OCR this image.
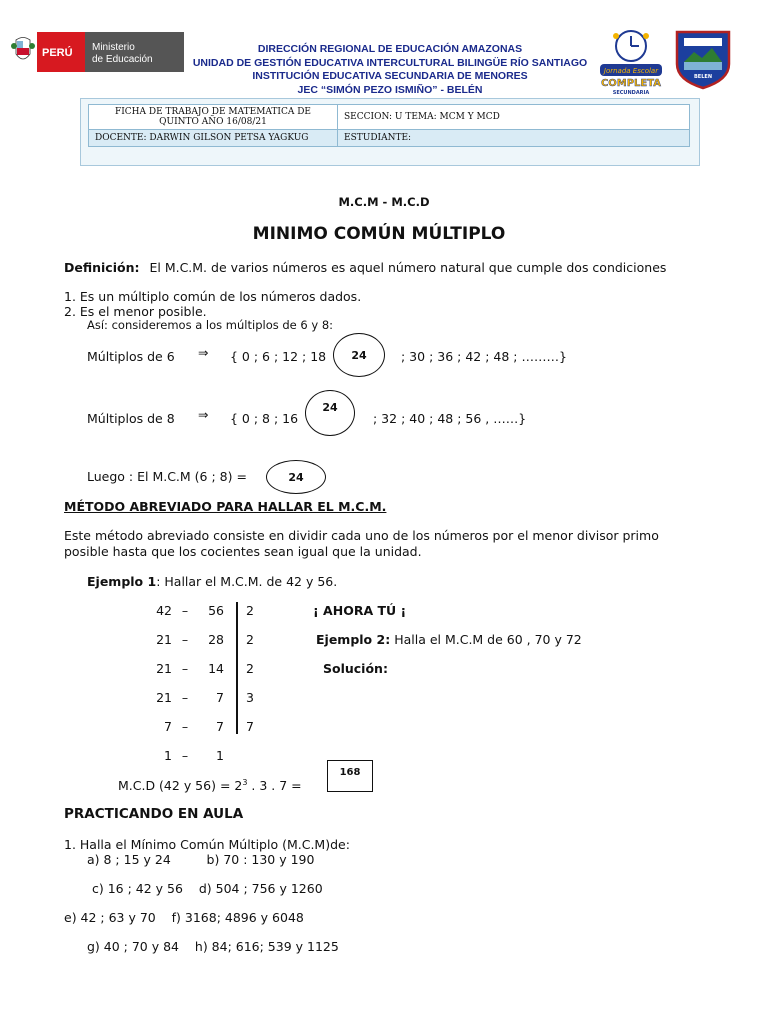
PERÚ Ministerio
de Educación
DIRECCIÓN REGIONAL DE EDUCACIÓN AMAZONAS
UNIDAD DE GESTIÓN EDUCATIVA INTERCULTURAL BILINGÜE RÍO SANTIAGO
INSTITUCIÓN EDUCATIVA SECUNDARIA DE MENORES
JEC “SIMÓN PEZO ISMIÑO” - BELÉN
Jornada Escolar
COMPLETA
SECUNDARIA
BELEN
FICHA DE TRABAJO DE MATEMATICA DE
QUINTO AÑO 16/08/21	SECCION: U TEMA: MCM Y MCD
DOCENTE: DARWIN GILSON PETSA YAGKUG	ESTUDIANTE:
M.C.M - M.C.D
MINIMO COMÚN MÚLTIPLO
Definición: El M.C.M. de varios números es aquel número natural que cumple dos condiciones
1. Es un múltiplo común de los números dados.
2. Es el menor posible.
Así: consideremos a los múltiplos de 6 y 8:
Múltiplos de 6 ⇒ { 0 ; 6 ; 12 ; 18	24	; 30 ; 36 ; 42 ; 48 ; ………}
Múltiplos de 8 ⇒ { 0 ; 8 ; 16
24
; 32 ; 40 ; 48 ; 56 , ……}
Luego : El M.C.M (6 ; 8) =	24
MÉTODO ABREVIADO PARA HALLAR EL M.C.M.
Este método abreviado consiste en dividir cada uno de los números por el menor divisor primo
posible hasta que los cocientes sean igual que la unidad.
Ejemplo 1: Hallar el M.C.M. de 42 y 56.
42 –	56 2
21 –	28 2
21 –	14 2
21 –	7 3
7 –	7 7
1 –	1
¡ AHORA TÚ ¡
Ejemplo 2: Halla el M.C.M de 60 , 70 y 72
Solución:
M.C.D (42 y $56) = 2^3$ . 3 . 7 =
168
PRACTICANDO EN AULA
1. Halla el Mínimo Común Múltiplo (M.C.M)de:
a) 8 ; 15 y 24         b) 70 : 130 y 190
c) 16 ; 42 y 56    d) 504 ; 756 y 1260
e) 42 ; 63 y 70    f) 3168; 4896 y 6048
g) 40 ; 70 y 84    h) 84; 616; 539 y 1125
